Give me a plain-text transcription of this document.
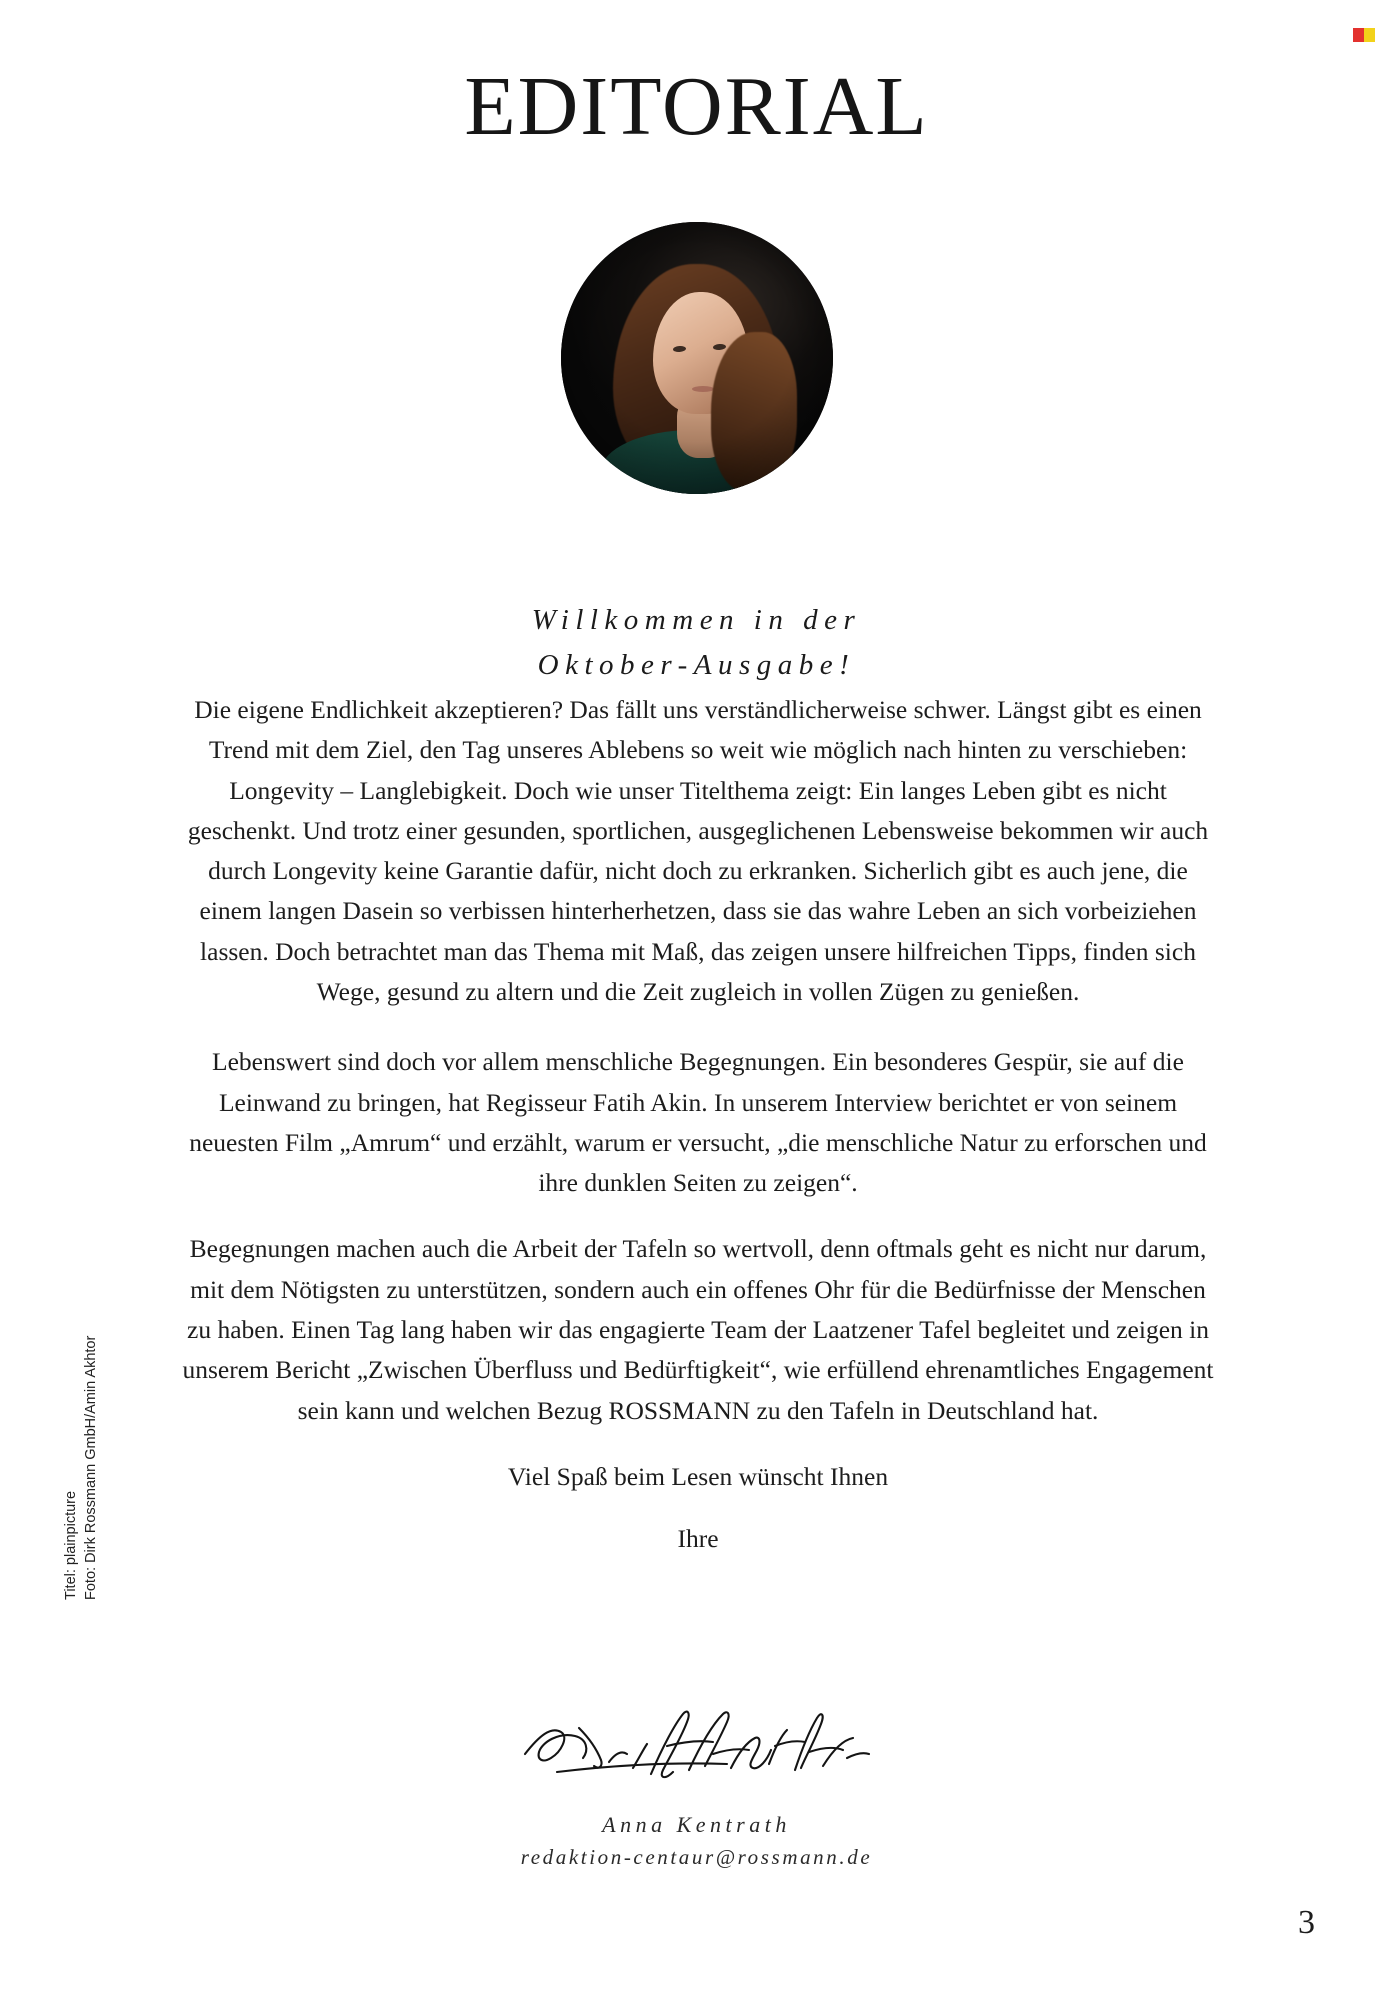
EDITORIAL
Willkommen in der
Oktober-Ausgabe!

Die eigene Endlichkeit akzeptieren? Das fällt uns verständlicherweise schwer. Längst gibt es einen Trend mit dem Ziel, den Tag unseres Ablebens so weit wie möglich nach hinten zu verschieben: Longevity – Langlebigkeit. Doch wie unser Titelthema zeigt: Ein langes Leben gibt es nicht geschenkt. Und trotz einer gesunden, sportlichen, ausgeglichenen Lebensweise bekommen wir auch durch Longevity keine Garantie dafür, nicht doch zu erkranken. Sicherlich gibt es auch jene, die einem langen Dasein so verbissen hinterherhetzen, dass sie das wahre Leben an sich vorbeiziehen lassen. Doch betrachtet man das Thema mit Maß, das zeigen unsere hilfreichen Tipps, finden sich Wege, gesund zu altern und die Zeit zugleich in vollen Zügen zu genießen.

Lebenswert sind doch vor allem menschliche Begegnungen. Ein besonderes Gespür, sie auf die Leinwand zu bringen, hat Regisseur Fatih Akin. In unserem Interview berichtet er von seinem neuesten Film „Amrum“ und erzählt, warum er versucht, „die menschliche Natur zu erforschen und ihre dunklen Seiten zu zeigen“.

Begegnungen machen auch die Arbeit der Tafeln so wertvoll, denn oftmals geht es nicht nur darum, mit dem Nötigsten zu unterstützen, sondern auch ein offenes Ohr für die Bedürfnisse der Menschen zu haben. Einen Tag lang haben wir das engagierte Team der Laatzener Tafel begleitet und zeigen in unserem Bericht „Zwischen Überfluss und Bedürftigkeit“, wie erfüllend ehrenamtliches Engagement sein kann und welchen Bezug ROSSMANN zu den Tafeln in Deutschland hat.

Viel Spaß beim Lesen wünscht Ihnen
Ihre
Anna Kentrath
redaktion-centaur@rossmann.de
Titel: plainpicture Foto: Dirk Rossmann GmbH/Amin Akhtor
3
